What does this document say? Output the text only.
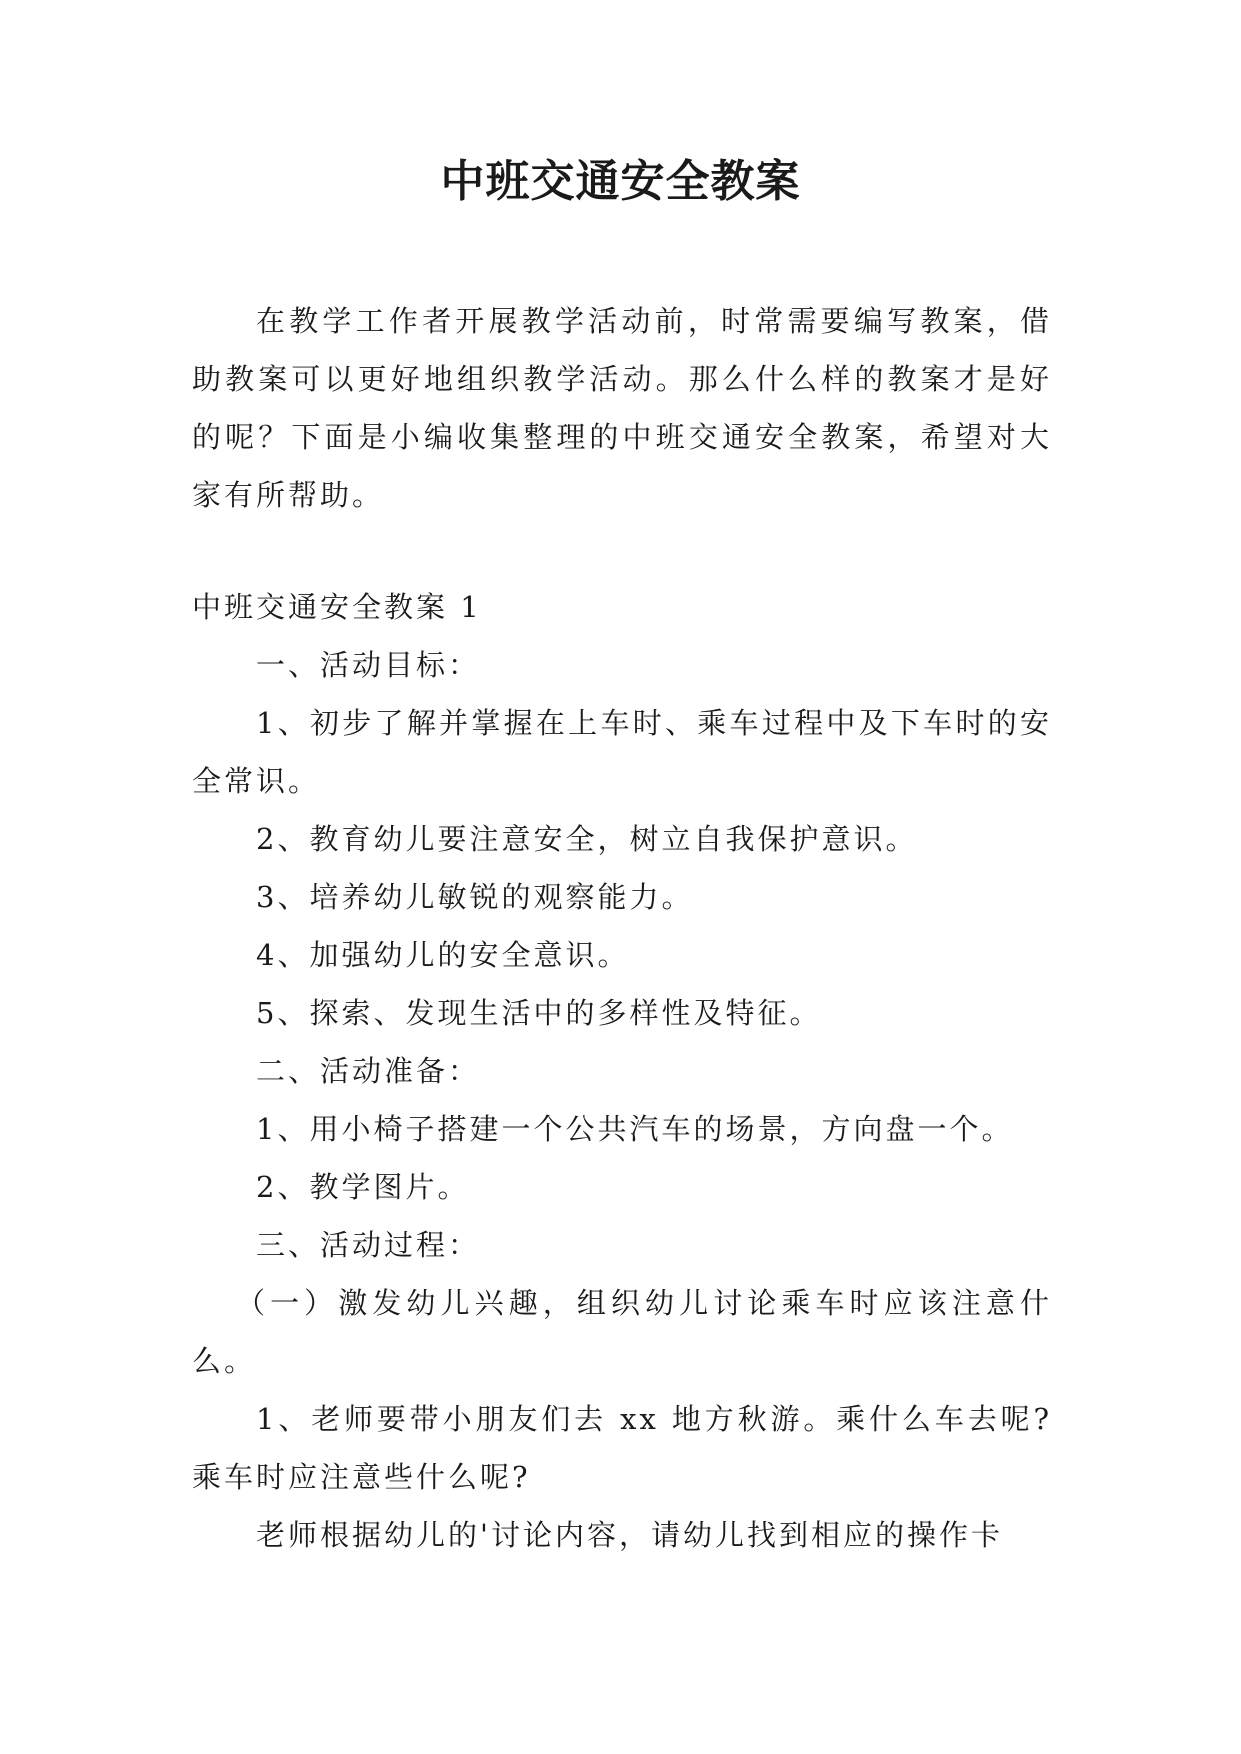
中班交通安全教案

在教学工作者开展教学活动前，时常需要编写教案，借助教案可以更好地组织教学活动。那么什么样的教案才是好的呢？下面是小编收集整理的中班交通安全教案，希望对大家有所帮助。

中班交通安全教案 1

一、活动目标：

1、初步了解并掌握在上车时、乘车过程中及下车时的安全常识。

2、教育幼儿要注意安全，树立自我保护意识。

3、培养幼儿敏锐的观察能力。

4、加强幼儿的安全意识。

5、探索、发现生活中的多样性及特征。

二、活动准备：

1、用小椅子搭建一个公共汽车的场景，方向盘一个。

2、教学图片。

三、活动过程：

（一）激发幼儿兴趣，组织幼儿讨论乘车时应该注意什么。

1、老师要带小朋友们去 xx 地方秋游。乘什么车去呢?乘车时应注意些什么呢?

老师根据幼儿的'讨论内容，请幼儿找到相应的操作卡
